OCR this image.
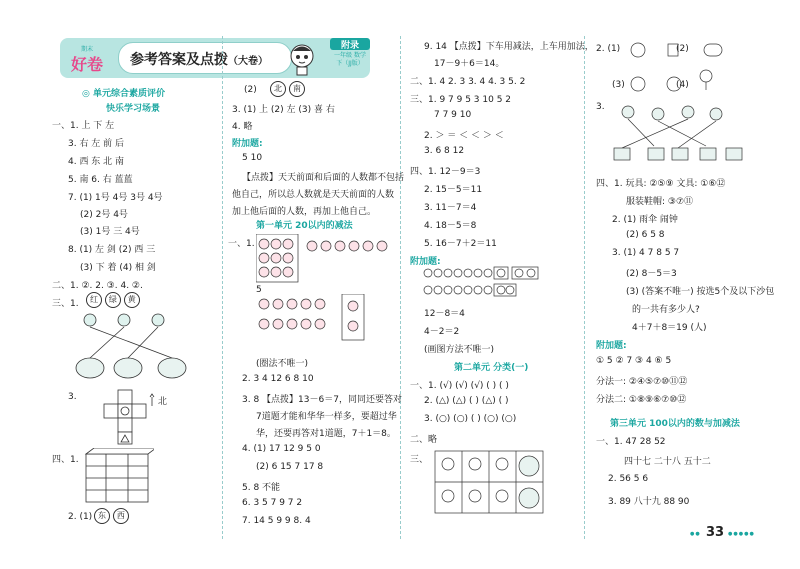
期末
好卷 参考答案及点拨（大卷）
附录
一年级 数学
下（JJ版）
◎ 单元综合素质评价
快乐学习场景
一、1. 上 下 左
3. 右 左 前 后
4. 西 东 北 南
5. 南 6. 右 蓝蓝
7. (1) 1号 4号 3号 4号
(2) 2号 4号
(3) 1号 三 4号
8. (1) 左 剑 (2) 西 三
(3) 下 着 (4) 相 剑
二、1. ②. 2. ③. 4. ②.
三、1.	红 绿 黄
3.	北
四、1.
2. (1) 东 西
(2)	北 南
3. (1) 上 (2) 左 (3) 喜 右
4. 略
附加题:
5 10
【点拨】天天前面和后面的人数都不包括
他自己，所以总人数就是天天前面的人数
加上他后面的人数，再加上他自己。
第一单元 20以内的减法
一、1.
5
(圈法不唯一)
2. 3 4 12 6 8 10
3. 8 【点拨】13－6＝7，同同还要答对
7道题才能和华华一样多，要超过华
华，还要再答对1道题，7＋1＝8。
4. (1) 17 12 9 5 0
(2) 6 15 7 17 8
5. 8 不能
6. 3 5 7 9 7 2
7. 14 5 9 9 8. 4
9. 14 【点拨】下车用减法，上车用加法，
17－9＋6＝14。
二、1. 4 2. 3 3. 4 4. 3 5. 2
三、1. 9 7 9 5 3 10 5 2
7 7 9 10
2. ＞ ＝ ＜ ＜ ＞ ＜
3. 6 8 12
四、1. 12－9＝3
2. 15－5＝11
3. 11－7＝4
4. 18－5＝8
5. 16－7＋2＝11
附加题:
12－8＝4
4－2＝2
(画图方法不唯一)
第二单元 分类(一)
一、1. (√) (√) (√) ( ) ( )
2. (△) (△) ( ) (△) ( )
3. (○) (○) ( ) (○) (○)
二、略
三、
2. (1)	(2)
(3)	(4)
3.
四、1. 玩具: ②⑤⑨ 文具: ①⑥⑫
服装鞋帽: ③⑦⑪
2. (1) 雨伞 闹钟
(2) 6 5 8
3. (1) 4 7 8 5 7
(2) 8－5＝3
(3) (答案不唯一) 按选5个及以下沙包
的一共有多少人?
4＋7＋8＝19 (人)
附加题:
① 5 ② 7 ③ 4 ⑥ 5
分法一: ②④⑤⑦⑩⑪⑫
分法二: ①⑧⑨⑥⑦⑩⑫
第三单元 100以内的数与加减法
一、1. 47 28 52
四十七 二十八 五十二
2. 56 5 6
3. 89 八十九 88 90
●● 33 ●●●●●
